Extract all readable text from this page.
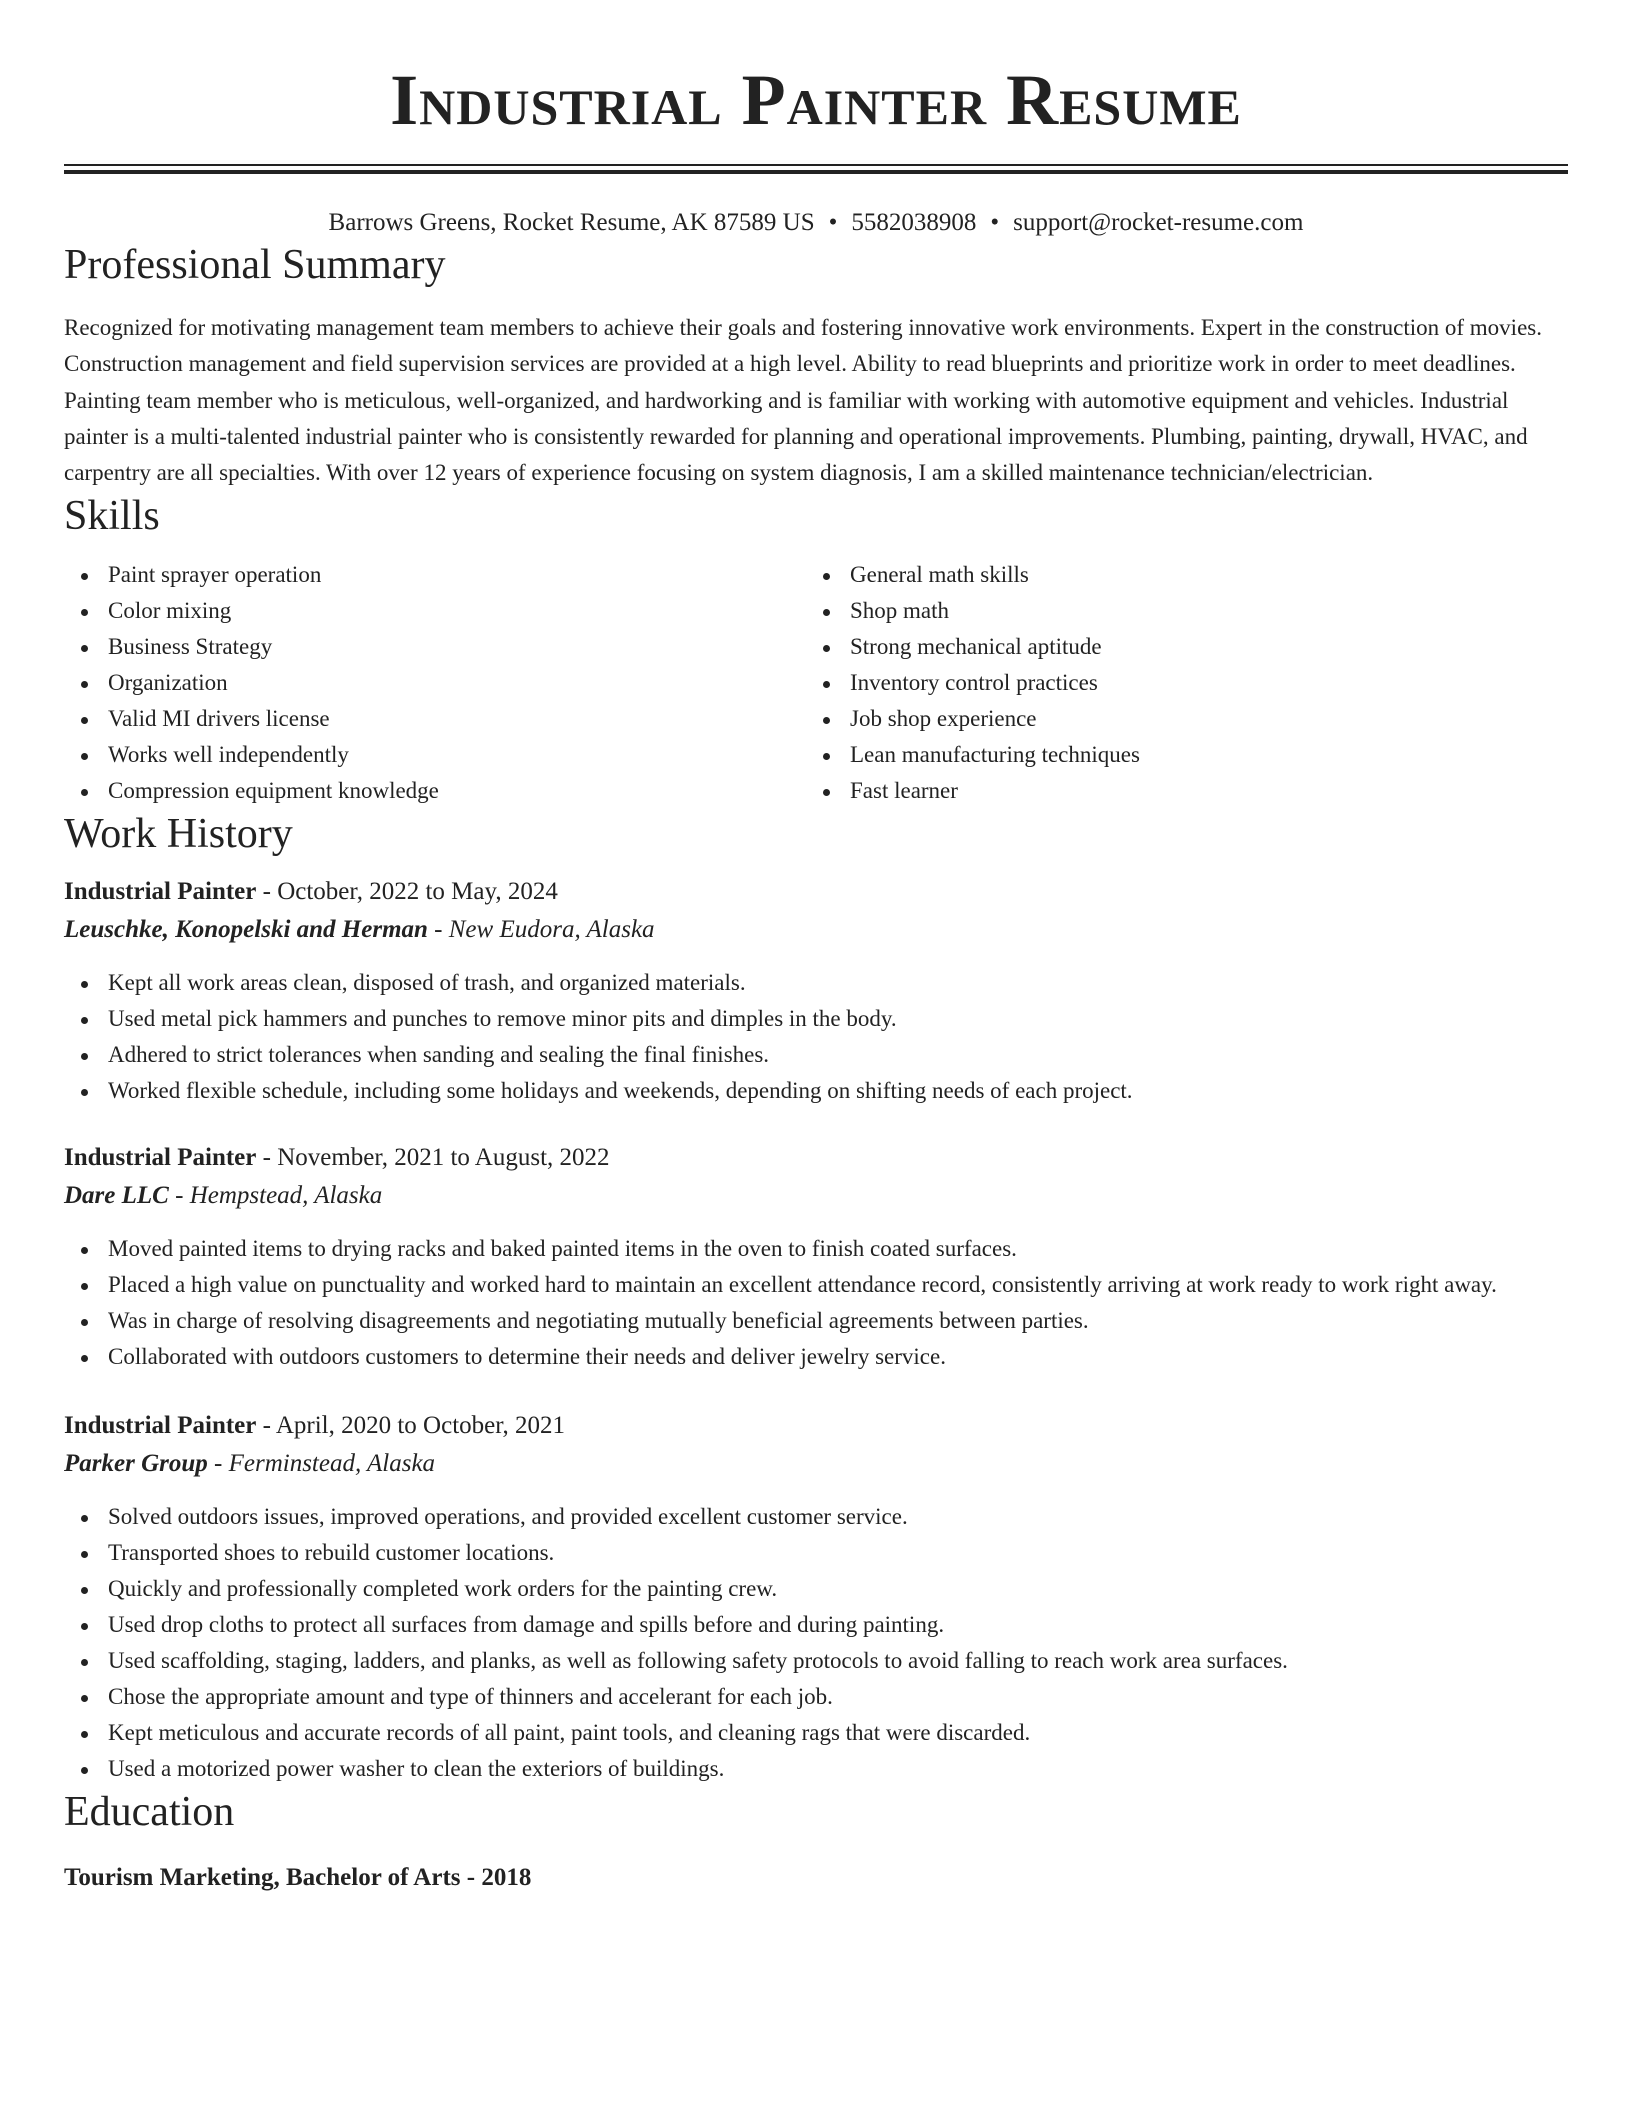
Industrial Painter Resume
Barrows Greens, Rocket Resume, AK 87589 US • 5582038908 • support@rocket-resume.com
Professional Summary
Recognized for motivating management team members to achieve their goals and fostering innovative work environments. Expert in the construction of movies. Construction management and field supervision services are provided at a high level. Ability to read blueprints and prioritize work in order to meet deadlines. Painting team member who is meticulous, well-organized, and hardworking and is familiar with working with automotive equipment and vehicles. Industrial painter is a multi-talented industrial painter who is consistently rewarded for planning and operational improvements. Plumbing, painting, drywall, HVAC, and carpentry are all specialties. With over 12 years of experience focusing on system diagnosis, I am a skilled maintenance technician/electrician.
Skills
Paint sprayer operation
Color mixing
Business Strategy
Organization
Valid MI drivers license
Works well independently
Compression equipment knowledge
General math skills
Shop math
Strong mechanical aptitude
Inventory control practices
Job shop experience
Lean manufacturing techniques
Fast learner
Work History
Industrial Painter - October, 2022 to May, 2024
Leuschke, Konopelski and Herman - New Eudora, Alaska
Kept all work areas clean, disposed of trash, and organized materials.
Used metal pick hammers and punches to remove minor pits and dimples in the body.
Adhered to strict tolerances when sanding and sealing the final finishes.
Worked flexible schedule, including some holidays and weekends, depending on shifting needs of each project.
Industrial Painter - November, 2021 to August, 2022
Dare LLC - Hempstead, Alaska
Moved painted items to drying racks and baked painted items in the oven to finish coated surfaces.
Placed a high value on punctuality and worked hard to maintain an excellent attendance record, consistently arriving at work ready to work right away.
Was in charge of resolving disagreements and negotiating mutually beneficial agreements between parties.
Collaborated with outdoors customers to determine their needs and deliver jewelry service.
Industrial Painter - April, 2020 to October, 2021
Parker Group - Ferminstead, Alaska
Solved outdoors issues, improved operations, and provided excellent customer service.
Transported shoes to rebuild customer locations.
Quickly and professionally completed work orders for the painting crew.
Used drop cloths to protect all surfaces from damage and spills before and during painting.
Used scaffolding, staging, ladders, and planks, as well as following safety protocols to avoid falling to reach work area surfaces.
Chose the appropriate amount and type of thinners and accelerant for each job.
Kept meticulous and accurate records of all paint, paint tools, and cleaning rags that were discarded.
Used a motorized power washer to clean the exteriors of buildings.
Education
Tourism Marketing, Bachelor of Arts - 2018
